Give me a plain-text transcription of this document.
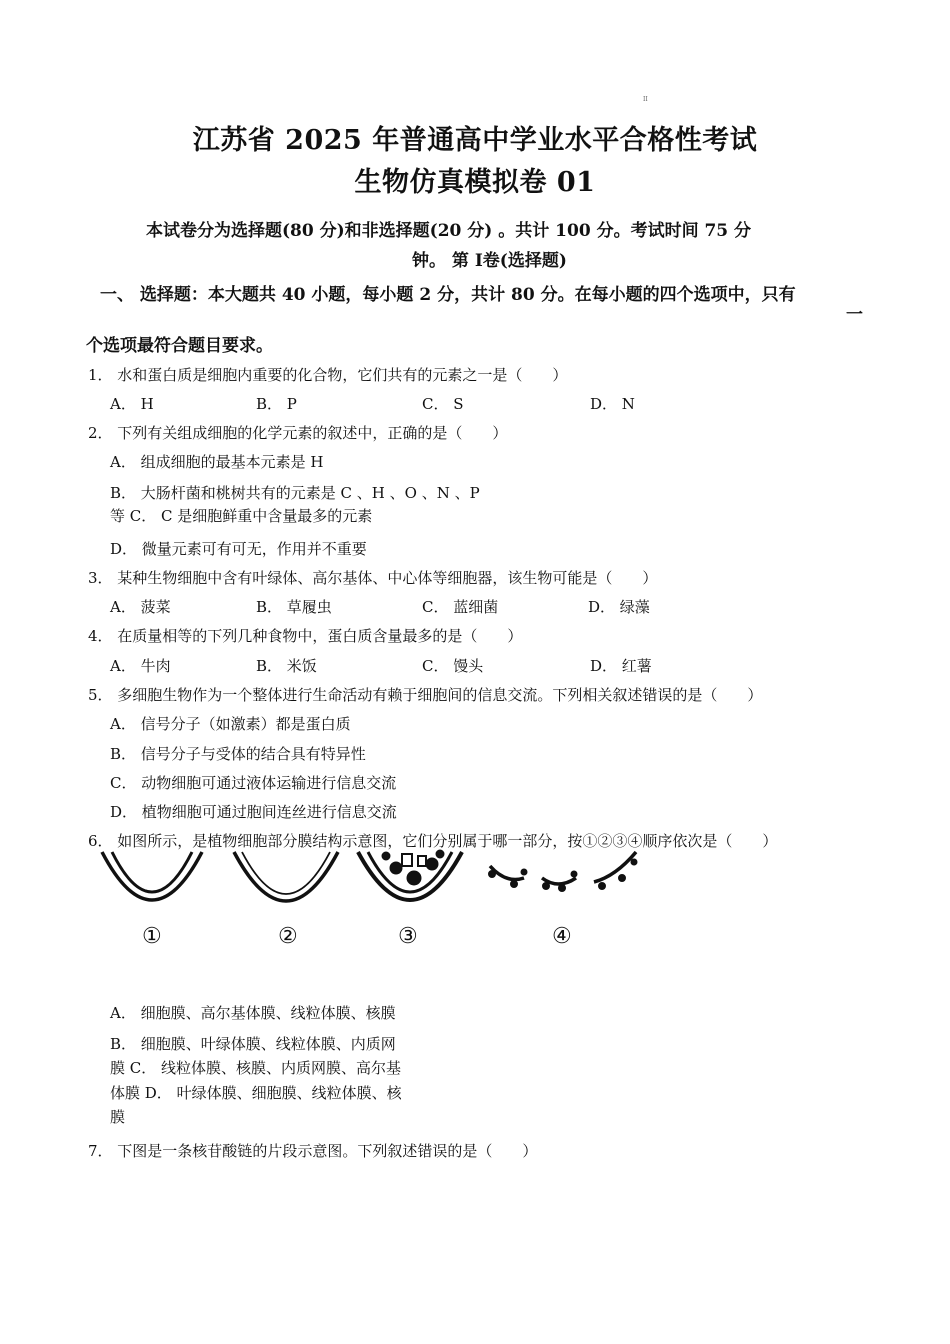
II
江苏省 2025 年普通高中学业水平合格性考试
生物仿真模拟卷 01
本试卷分为选择题(80 分)和非选择题(20 分) 。共计 100 分。考试时间 75 分
钟。 第 Ⅰ卷(选择题)
一、 选择题：本大题共 40 小题，每小题 2 分，共计 80 分。在每小题的四个选项中，只有
一
个选项最符合题目要求。
1． 水和蛋白质是细胞内重要的化合物，它们共有的元素之一是（　　）
A． H	B． P	C． S	D． N
2． 下列有关组成细胞的化学元素的叙述中，正确的是（　　）
A． 组成细胞的最基本元素是 H
B． 大肠杆菌和桃树共有的元素是 C 、H 、O 、N 、P
等 C． C 是细胞鲜重中含量最多的元素
D． 微量元素可有可无，作用并不重要
3． 某种生物细胞中含有叶绿体、高尔基体、中心体等细胞器，该生物可能是（　　）
A． 菠菜	B． 草履虫	C． 蓝细菌	D． 绿藻
4． 在质量相等的下列几种食物中，蛋白质含量最多的是（　　）
A． 牛肉	B． 米饭	C． 馒头	D． 红薯
5． 多细胞生物作为一个整体进行生命活动有赖于细胞间的信息交流。下列相关叙述错误的是（　　）
A． 信号分子（如激素）都是蛋白质
B． 信号分子与受体的结合具有特异性
C． 动物细胞可通过液体运输进行信息交流
D． 植物细胞可通过胞间连丝进行信息交流
6． 如图所示，是植物细胞部分膜结构示意图，它们分别属于哪一部分，按①②③④顺序依次是（　　）
①	②	③	④
A． 细胞膜、高尔基体膜、线粒体膜、核膜
B． 细胞膜、叶绿体膜、线粒体膜、内质网
膜 C． 线粒体膜、核膜、内质网膜、高尔基
体膜 D． 叶绿体膜、细胞膜、线粒体膜、核
膜
7． 下图是一条核苷酸链的片段示意图。下列叙述错误的是（　　）
